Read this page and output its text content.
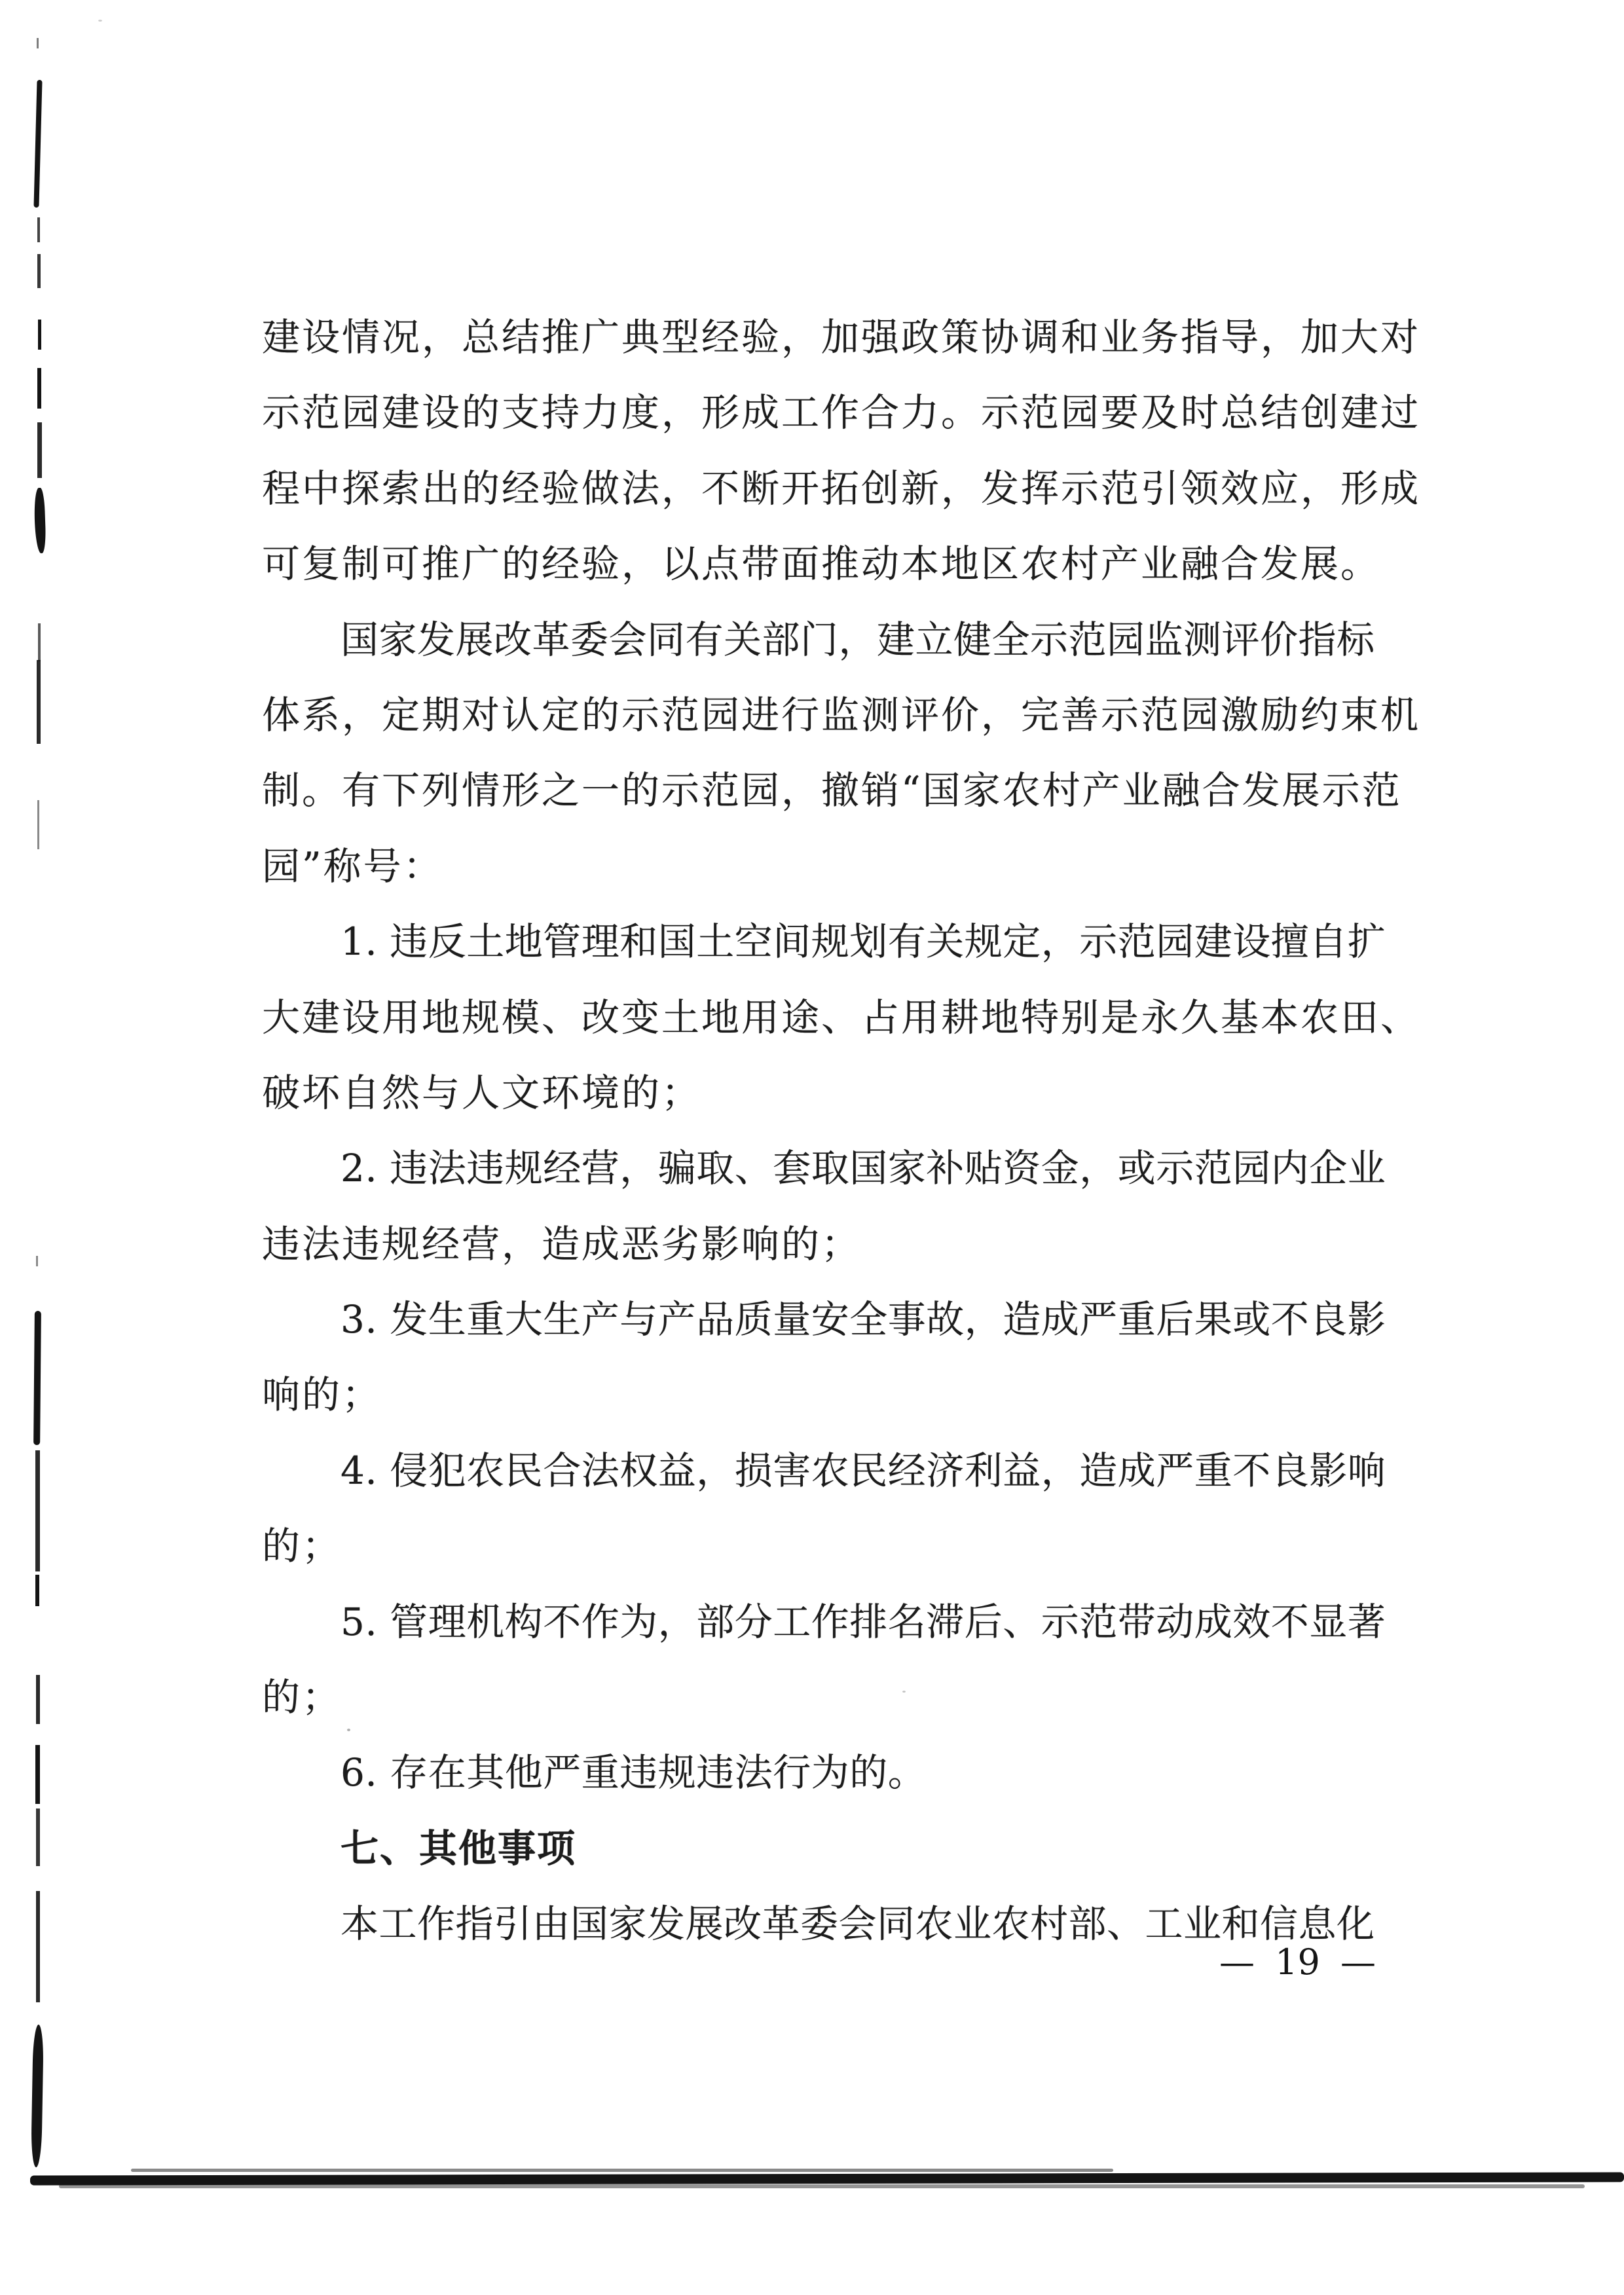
建设情况，总结推广典型经验，加强政策协调和业务指导，加大对
示范园建设的支持力度，形成工作合力。示范园要及时总结创建过
程中探索出的经验做法，不断开拓创新，发挥示范引领效应，形成
可复制可推广的经验，以点带面推动本地区农村产业融合发展。
国家发展改革委会同有关部门，建立健全示范园监测评价指标
体系，定期对认定的示范园进行监测评价，完善示范园激励约束机
制。有下列情形之一的示范园，撤销“国家农村产业融合发展示范
园”称号：
1. 违反土地管理和国土空间规划有关规定，示范园建设擅自扩
大建设用地规模、改变土地用途、占用耕地特别是永久基本农田、
破坏自然与人文环境的；
2. 违法违规经营，骗取、套取国家补贴资金，或示范园内企业
违法违规经营，造成恶劣影响的；
3. 发生重大生产与产品质量安全事故，造成严重后果或不良影
响的；
4. 侵犯农民合法权益，损害农民经济利益，造成严重不良影响
的；
5. 管理机构不作为，部分工作排名滞后、示范带动成效不显著
的；
6. 存在其他严重违规违法行为的。
七、其他事项
本工作指引由国家发展改革委会同农业农村部、工业和信息化
— 19 —
